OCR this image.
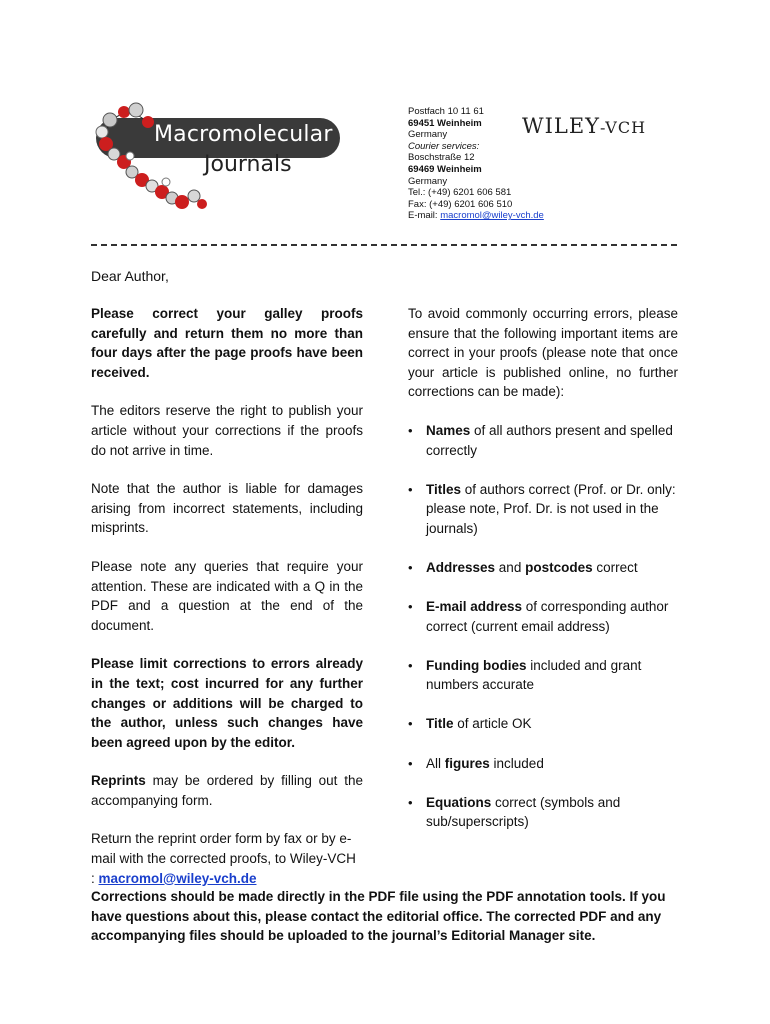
Macromolecular
Journals
Postfach 10 11 61
69451 Weinheim
Germany
Courier services:
Boschstraße 12
69469 Weinheim
Germany
Tel.: (+49) 6201 606 581
Fax: (+49) 6201 606 510
E-mail: macromol@wiley-vch.de
WILEY-VCH
Dear Author,

Please correct your galley proofs carefully and return them no more than four days after the page proofs have been received.

The editors reserve the right to publish your article without your corrections if the proofs do not arrive in time.

Note that the author is liable for damages arising from incorrect statements, including misprints.

Please note any queries that require your attention. These are indicated with a Q in the PDF and a question at the end of the document.

Please limit corrections to errors already in the text; cost incurred for any further changes or additions will be charged to the author, unless such changes have been agreed upon by the editor.

Reprints may be ordered by filling out the accompanying form.

Return the reprint order form by fax or by e-mail with the corrected proofs, to Wiley-VCH : macromol@wiley-vch.de

To avoid commonly occurring errors, please ensure that the following important items are correct in your proofs (please note that once your article is published online, no further corrections can be made):

• Names of all authors present and spelled correctly
• Titles of authors correct (Prof. or Dr. only: please note, Prof. Dr. is not used in the journals)
• Addresses and postcodes correct
• E-mail address of corresponding author correct (current email address)
• Funding bodies included and grant numbers accurate
• Title of article OK
• All figures included
• Equations correct (symbols and sub/superscripts)
Corrections should be made directly in the PDF file using the PDF annotation tools. If you have questions about this, please contact the editorial office. The corrected PDF and any accompanying files should be uploaded to the journal’s Editorial Manager site.
